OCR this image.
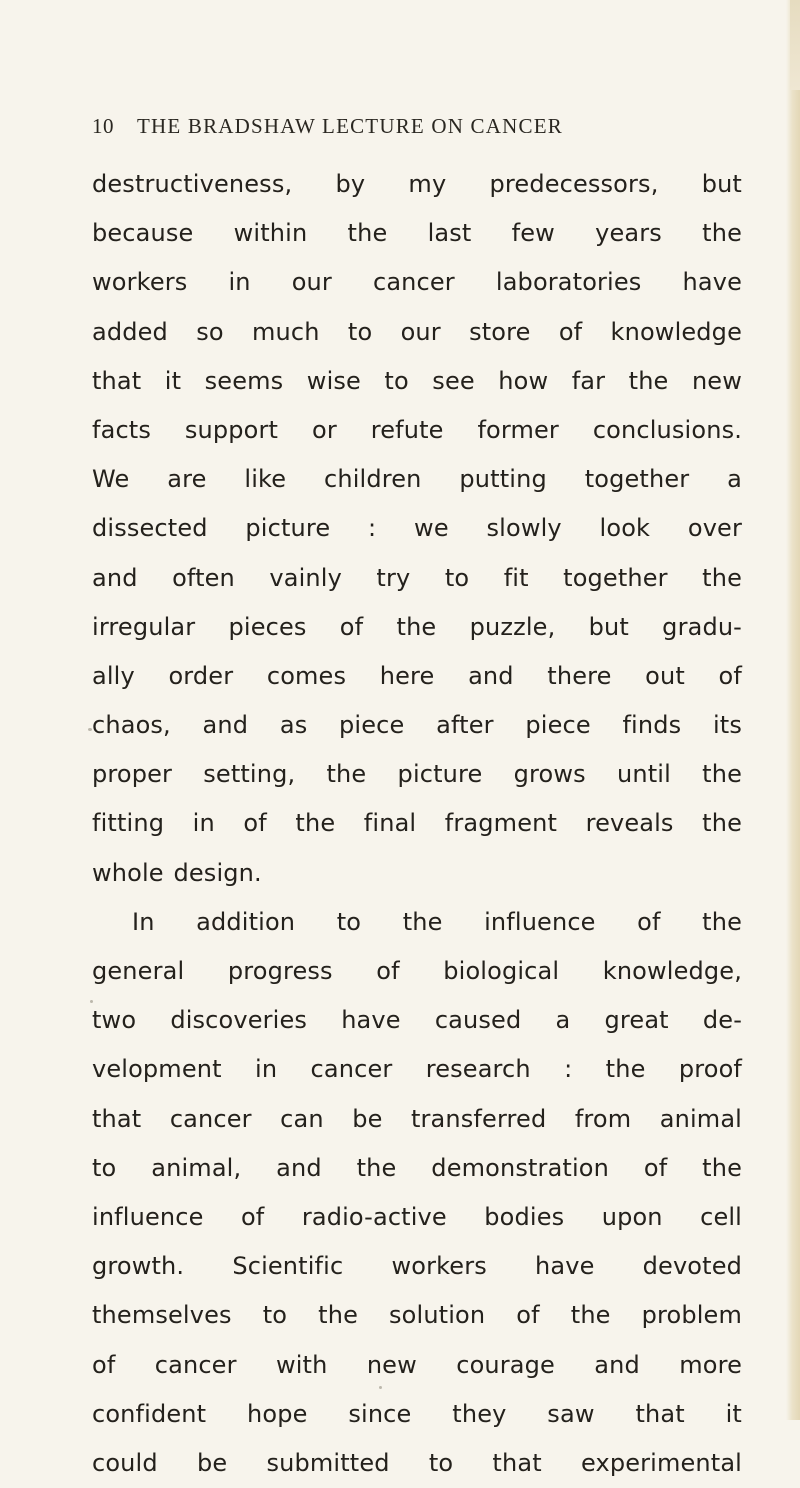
10	THE BRADSHAW LECTURE ON CANCER
destructiveness, by my predecessors, but
because within the last few years the
workers in our cancer laboratories have
added so much to our store of knowledge
that it seems wise to see how far the new
facts support or refute former conclusions.
We are like children putting together a
dissected picture : we slowly look over
and often vainly try to fit together the
irregular pieces of the puzzle, but gradu-
ally order comes here and there out of
chaos, and as piece after piece finds its
proper setting, the picture grows until the
fitting in of the final fragment reveals the
whole design.
In addition to the influence of the
general progress of biological knowledge,
two discoveries have caused a great de-
velopment in cancer research : the proof
that cancer can be transferred from animal
to animal, and the demonstration of the
influence of radio-active bodies upon cell
growth. Scientific workers have devoted
themselves to the solution of the problem
of cancer with new courage and more
confident hope since they saw that it
could be submitted to that experimental
